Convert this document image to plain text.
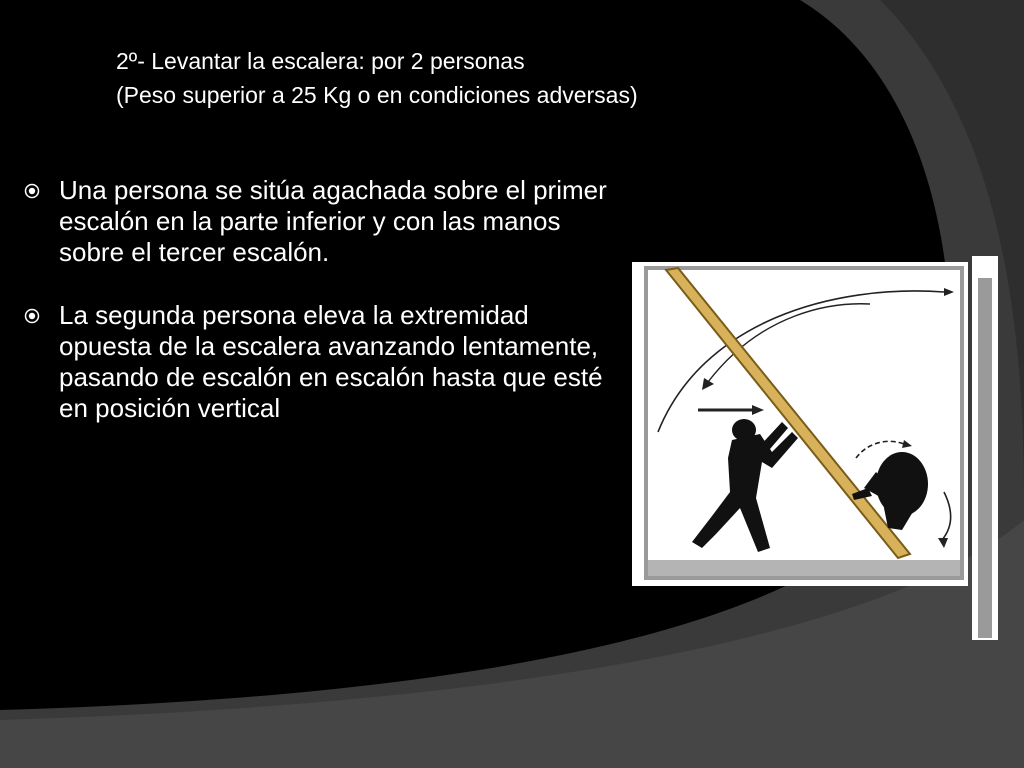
2º- Levantar la escalera: por 2 personas
(Peso superior a 25 Kg o en condiciones adversas)
Una persona se sitúa agachada sobre el primer escalón en la parte inferior y con las manos sobre el tercer escalón.
La segunda persona eleva la extremidad opuesta de la escalera avanzando lentamente, pasando de escalón en escalón hasta que esté en posición vertical
